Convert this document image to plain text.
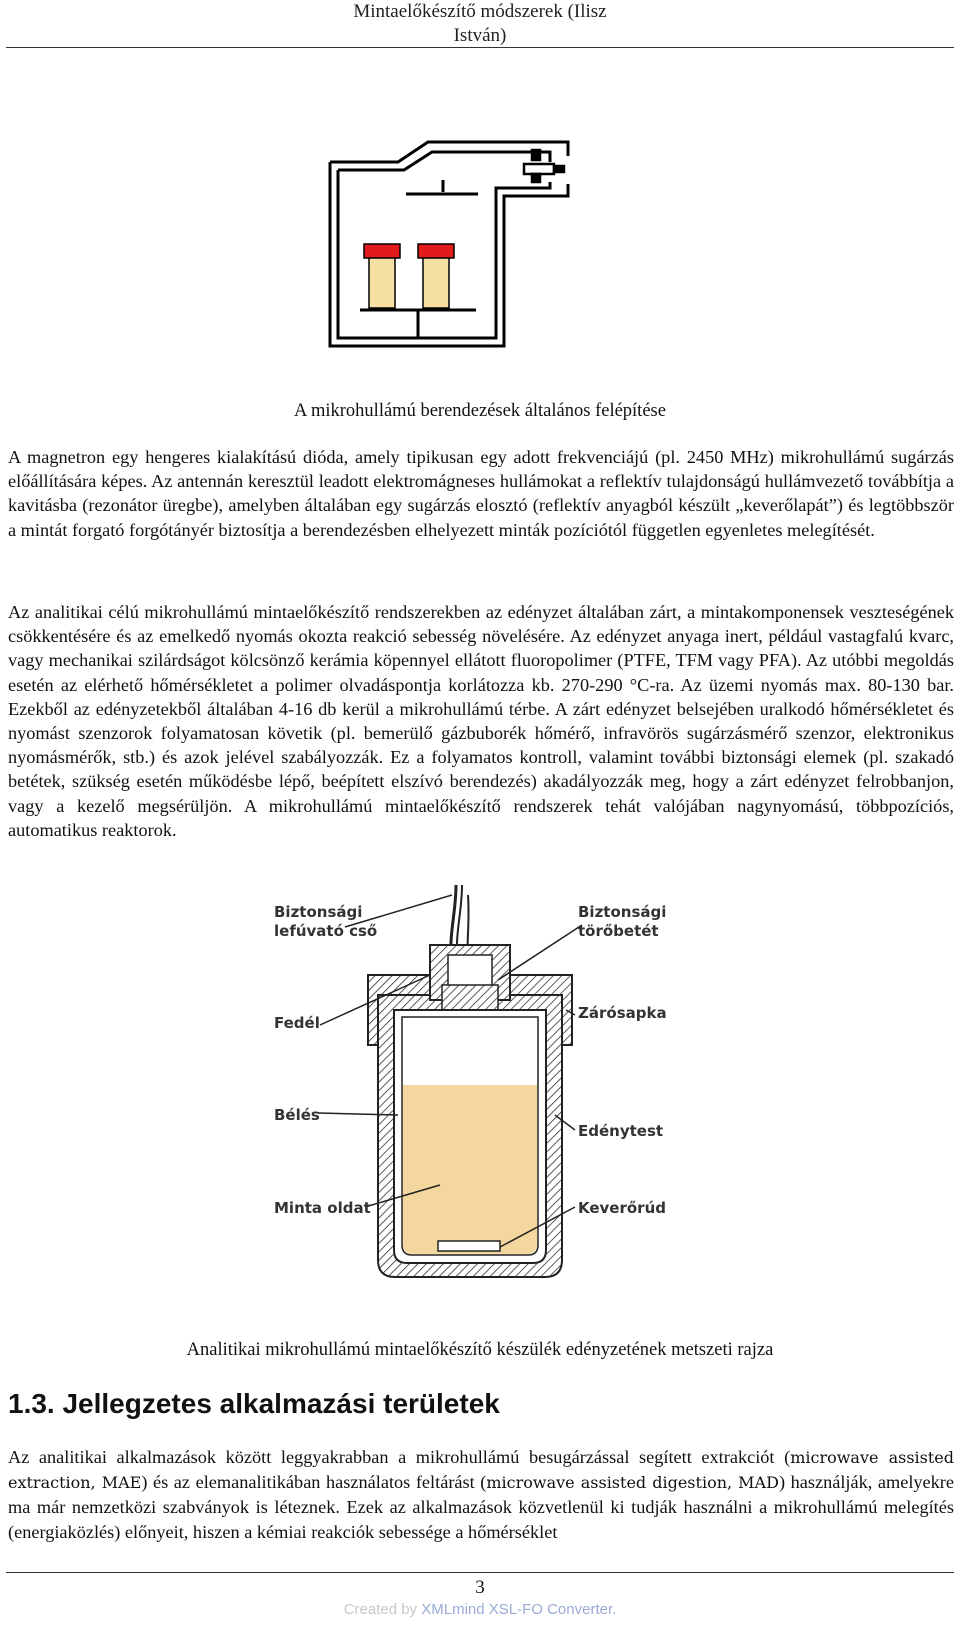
Mintaelőkészítő módszerek (Ilisz
István)
A mikrohullámú berendezések általános felépítése

A magnetron egy hengeres kialakítású dióda, amely tipikusan egy adott frekvenciájú (pl. 2450 MHz) mikrohullámú sugárzás előállítására képes. Az antennán keresztül leadott elektromágneses hullámokat a reflektív tulajdonságú hullámvezető továbbítja a kavitásba (rezonátor üregbe), amelyben általában egy sugárzás elosztó (reflektív anyagból készült „keverőlapát”) és legtöbbször a mintát forgató forgótányér biztosítja a berendezésben elhelyezett minták pozíciótól független egyenletes melegítését.

Az analitikai célú mikrohullámú mintaelőkészítő rendszerekben az edényzet általában zárt, a mintakomponensek veszteségének csökkentésére és az emelkedő nyomás okozta reakció sebesség növelésére. Az edényzet anyaga inert, például vastagfalú kvarc, vagy mechanikai szilárdságot kölcsönző kerámia köpennyel ellátott fluoropolimer (PTFE, TFM vagy PFA). Az utóbbi megoldás esetén az elérhető hőmérsékletet a polimer olvadáspontja korlátozza kb. 270-290 °C-ra. Az üzemi nyomás max. 80-130 bar. Ezekből az edényzetekből általában 4-16 db kerül a mikrohullámú térbe. A zárt edényzet belsejében uralkodó hőmérsékletet és nyomást szenzorok folyamatosan követik (pl. bemerülő gázbuborék hőmérő, infravörös sugárzásmérő szenzor, elektronikus nyomásmérők, stb.) és azok jelével szabályozzák. Ez a folyamatos kontroll, valamint további biztonsági elemek (pl. szakadó betétek, szükség esetén működésbe lépő, beépített elszívó berendezés) akadályozzák meg, hogy a zárt edényzet felrobbanjon, vagy a kezelő megsérüljön. A mikrohullámú mintaelőkészítő rendszerek tehát valójában nagynyomású, többpozíciós, automatikus reaktorok.

Biztonsági
lefúvató cső
Biztonsági
törőbetét
Fedél
Zárósapka
Bélés
Edénytest
Minta oldat	Keverőrúd
Analitikai mikrohullámú mintaelőkészítő készülék edényzetének metszeti rajza
1.3. Jellegzetes alkalmazási területek

Az analitikai alkalmazások között leggyakrabban a mikrohullámú besugárzással segített extrakciót (microwave assisted extraction, MAE) és az elemanalitikában használatos feltárást (microwave assisted digestion, MAD) használják, amelyekre ma már nemzetközi szabványok is léteznek. Ezek az alkalmazások közvetlenül ki tudják használni a mikrohullámú melegítés (energiaközlés) előnyeit, hiszen a kémiai reakciók sebessége a hőmérséklet

3
Created by XMLmind XSL-FO Converter.
